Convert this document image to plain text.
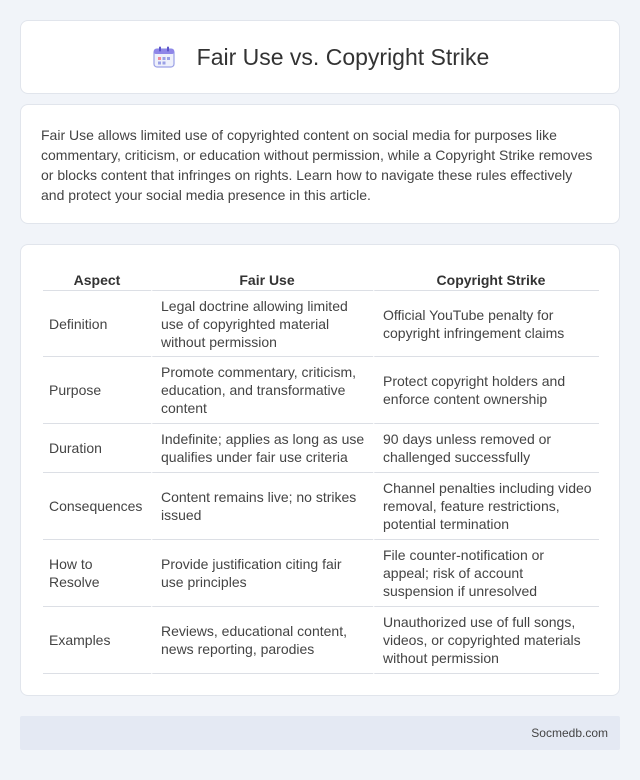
Fair Use vs. Copyright Strike

Fair Use allows limited use of copyrighted content on social media for purposes like commentary, criticism, or education without permission, while a Copyright Strike removes or blocks content that infringes on rights. Learn how to navigate these rules effectively and protect your social media presence in this article.

Aspect	Fair Use	Copyright Strike
Definition	Legal doctrine allowing limited use of copyrighted material without permission	Official YouTube penalty for copyright infringement claims
Purpose	Promote commentary, criticism, education, and transformative content	Protect copyright holders and enforce content ownership
Duration	Indefinite; applies as long as use qualifies under fair use criteria	90 days unless removed or challenged successfully
Consequences	Content remains live; no strikes issued	Channel penalties including video removal, feature restrictions, potential termination
How to Resolve	Provide justification citing fair use principles	File counter-notification or appeal; risk of account suspension if unresolved
Examples	Reviews, educational content, news reporting, parodies	Unauthorized use of full songs, videos, or copyrighted materials without permission
Socmedb.com
